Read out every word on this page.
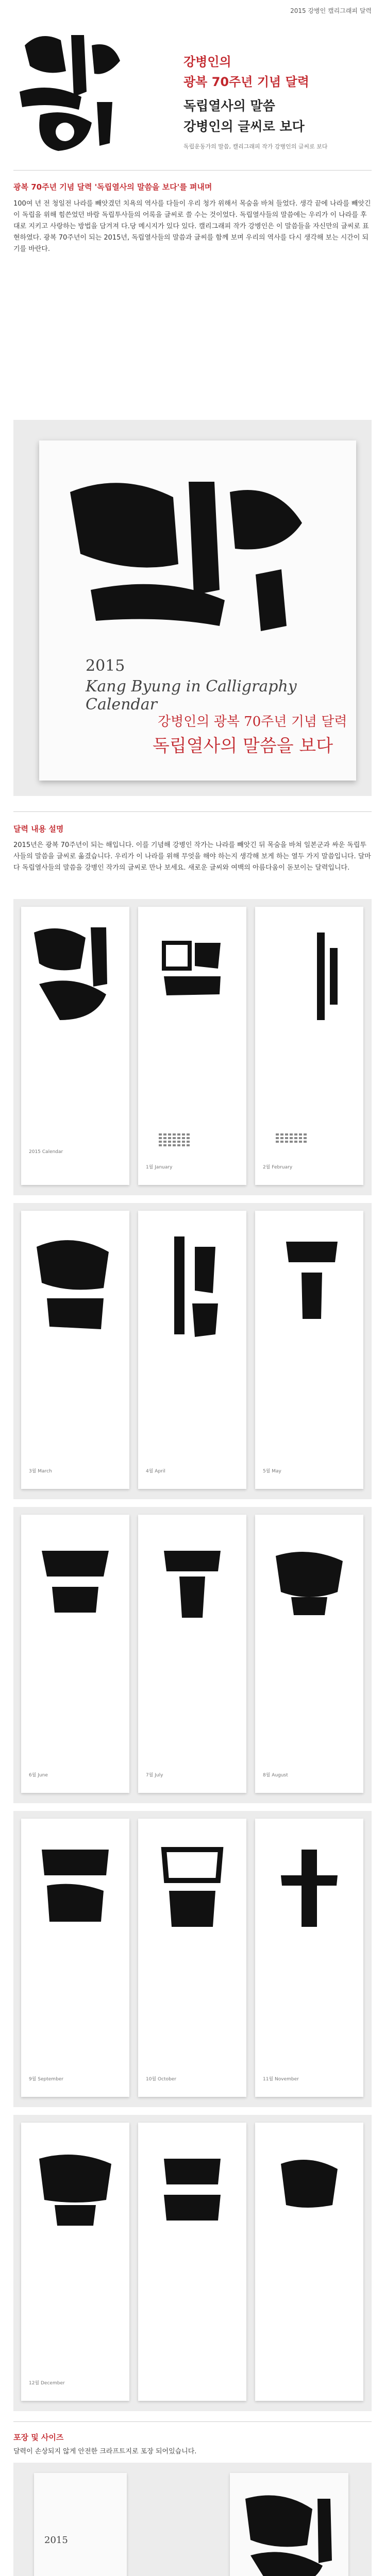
2015 강병인 캘리그래피 달력
강병인의
광복 70주년 기념 달력
독립열사의 말씀
강병인의 글씨로 보다
독립운동가의 말씀, 캘리그래피 작가 강병인의 글씨로 보다
광복 70주년 기념 달력 '독립열사의 말씀을 보다'를 펴내며
100여 년 전 청일전 나라를 빼앗겼던 치욕의 역사를 다들이 우리 청가 위해서 목숨을 바쳐 들었다. 생각 끝에 나라를 빼앗긴 이 독립을 위해 힘쓴었던 바람 독립투사들의 어록을 글씨로 쓸 수는 것이었다. 독립열사들의 말씀에는 우리가 이 나라를 후대로 지키고 사랑하는 방법을 담겨져 다.당 메시지가 있다 있다. 캘리그래피 작가 강병인은 이 말씀들을 자신만의 글씨로 표현하였다. 광복 70주년이 되는 2015년, 독립열사들의 말씀과 글씨를 함께 보며 우리의 역사를 다시 생각해 보는 시간이 되기를 바란다.
2015
Kang Byung in Calligraphy Calendar
강병인의 광복 70주년 기념 달력
독립열사의 말씀을 보다
달력 내용 설명
2015년은 광복 70주년이 되는 해입니다. 이를 기념해 강병인 작가는 나라를 빼앗긴 뒤 목숨을 바쳐 일본군과 싸운 독립투사들의 말씀을 글씨로 옮겼습니다. 우리가 이 나라를 위해 무엇을 해야 하는지 생각해 보게 하는 열두 가지 말씀입니다. 달마다 독립열사들의 말씀을 강병인 작가의 글씨로 만나 보세요. 새로운 글씨와 여백의 아름다움이 돋보이는 달력입니다.
2015 Calendar
1월 January	2월 February
3월 March	4월 April	5월 May
6월 June	7월 July	8월 August
9월 September	10월 October	11월 November
12월 December
포장 및 사이즈
달력이 손상되지 않게 안전한 크라프트지로 포장 되어있습니다.
2015
